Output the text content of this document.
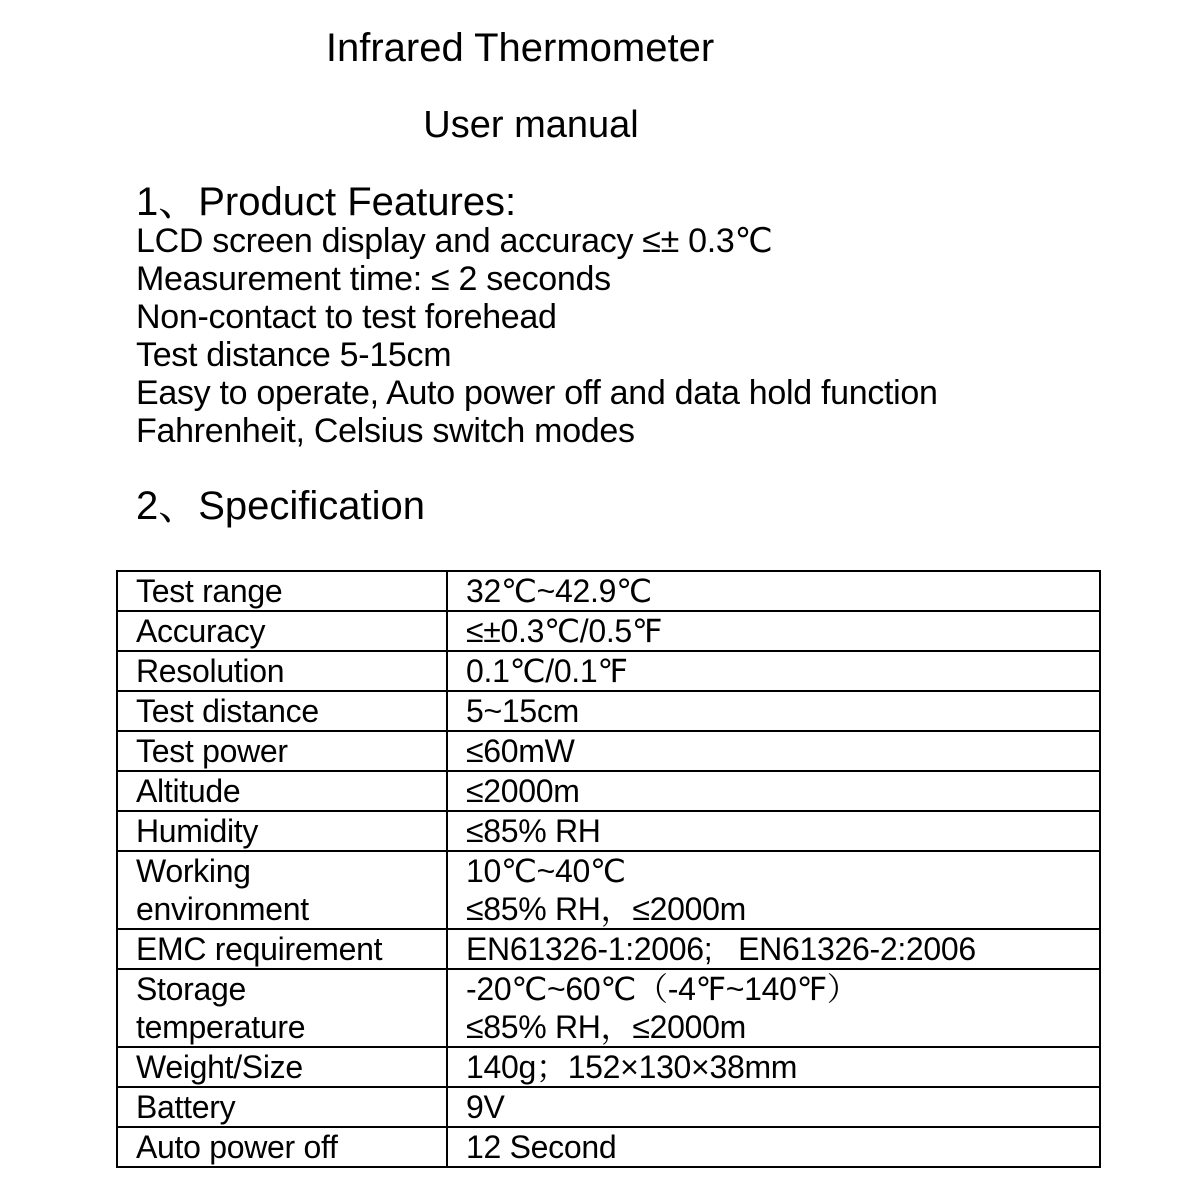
Infrared Thermometer
User manual
1、Product Features:
LCD screen display and accuracy ≤± 0.3℃
Measurement time: ≤ 2 seconds
Non-contact to test forehead
Test distance 5-15cm
Easy to operate, Auto power off and data hold function
Fahrenheit, Celsius switch modes
2、Specification
Test range	32℃~42.9℃
Accuracy	≤±0.3℃/0.5℉
Resolution	0.1℃/0.1℉
Test distance	5~15cm
Test power	≤60mW
Altitude	≤2000m
Humidity	≤85% RH

Working
environment	10℃~40℃
≤85% RH，≤2000m

EMC requirement	EN61326-1:2006;   EN61326-2:2006

Storage
temperature	-20℃~60℃（-4℉~140℉）
≤85% RH，≤2000m

Weight/Size	140g；152×130×38mm
Battery	9V
Auto power off	12 Second
